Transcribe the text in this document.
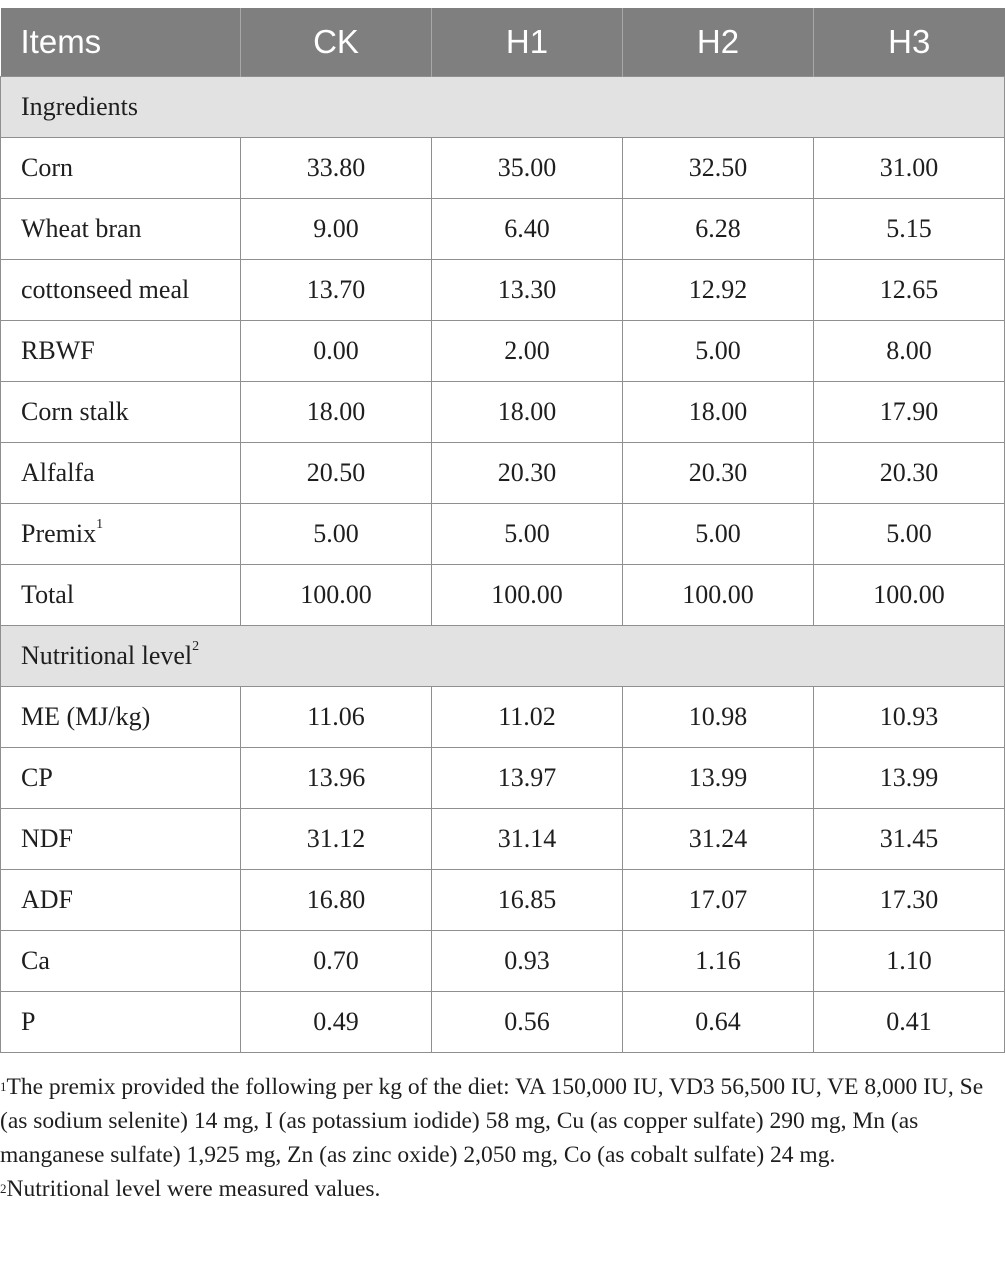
Items	CK	H1	H2	H3
Ingredients				
Corn	33.80	35.00	32.50	31.00
Wheat bran	9.00	6.40	6.28	5.15
cottonseed meal	13.70	13.30	12.92	12.65
RBWF	0.00	2.00	5.00	8.00
Corn stalk	18.00	18.00	18.00	17.90
Alfalfa	20.50	20.30	20.30	20.30
Premix$^1$	5.00	5.00	5.00	5.00
Total	100.00	100.00	100.00	100.00
Nutritional level$^2$
ME (MJ/kg)	11.06	11.02	10.98	10.93
CP	13.96	13.97	13.99	13.99
NDF	31.12	31.14	31.24	31.45
ADF	16.80	16.85	17.07	17.30
Ca	0.70	0.93	1.16	1.10
P	0.49	0.56	0.64	0.41

$^1$The premix provided the following per kg of the diet: VA 150,000 IU, VD3 56,500 IU, VE 8,000 IU, Se (as sodium selenite) 14 mg, I (as potassium iodide) 58 mg, Cu (as copper sulfate) 290 mg, Mn (as manganese sulfate) 1,925 mg, Zn (as zinc oxide) 2,050 mg, Co (as cobalt sulfate) 24 mg.

$^2$Nutritional level were measured values.
